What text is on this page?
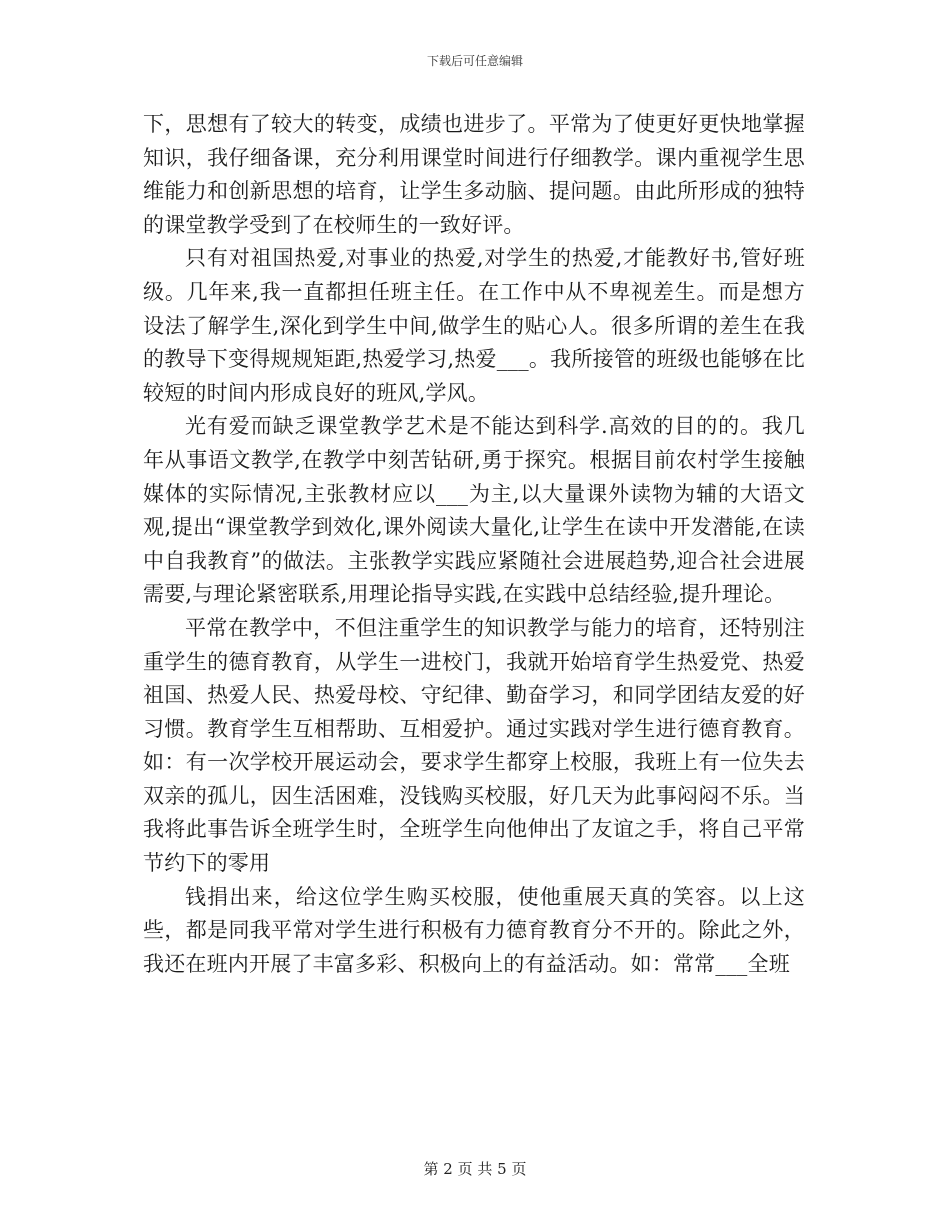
下载后可任意编辑

下，思想有了较大的转变，成绩也进步了。平常为了使更好更快地掌握知识，我仔细备课，充分利用课堂时间进行仔细教学。课内重视学生思维能力和创新思想的培育，让学生多动脑、提问题。由此所形成的独特的课堂教学受到了在校师生的一致好评。

只有对祖国热爱,对事业的热爱,对学生的热爱,才能教好书,管好班级。几年来,我一直都担任班主任。在工作中从不卑视差生。而是想方设法了解学生,深化到学生中间,做学生的贴心人。很多所谓的差生在我的教导下变得规规矩距,热爱学习,热爱___。我所接管的班级也能够在比较短的时间内形成良好的班风,学风。

光有爱而缺乏课堂教学艺术是不能达到科学.高效的目的的。我几年从事语文教学,在教学中刻苦钻研,勇于探究。根据目前农村学生接触媒体的实际情况,主张教材应以___为主,以大量课外读物为辅的大语文观,提出“课堂教学到效化,课外阅读大量化,让学生在读中开发潜能,在读中自我教育”的做法。主张教学实践应紧随社会进展趋势,迎合社会进展需要,与理论紧密联系,用理论指导实践,在实践中总结经验,提升理论。

平常在教学中，不但注重学生的知识教学与能力的培育，还特别注重学生的德育教育，从学生一进校门，我就开始培育学生热爱党、热爱祖国、热爱人民、热爱母校、守纪律、勤奋学习，和同学团结友爱的好习惯。教育学生互相帮助、互相爱护。通过实践对学生进行德育教育。如：有一次学校开展运动会，要求学生都穿上校服，我班上有一位失去双亲的孤儿，因生活困难，没钱购买校服，好几天为此事闷闷不乐。当我将此事告诉全班学生时，全班学生向他伸出了友谊之手，将自己平常节约下的零用

钱捐出来，给这位学生购买校服，使他重展天真的笑容。以上这些，都是同我平常对学生进行积极有力德育教育分不开的。除此之外，我还在班内开展了丰富多彩、积极向上的有益活动。如：常常___全班

第 2 页 共 5 页
